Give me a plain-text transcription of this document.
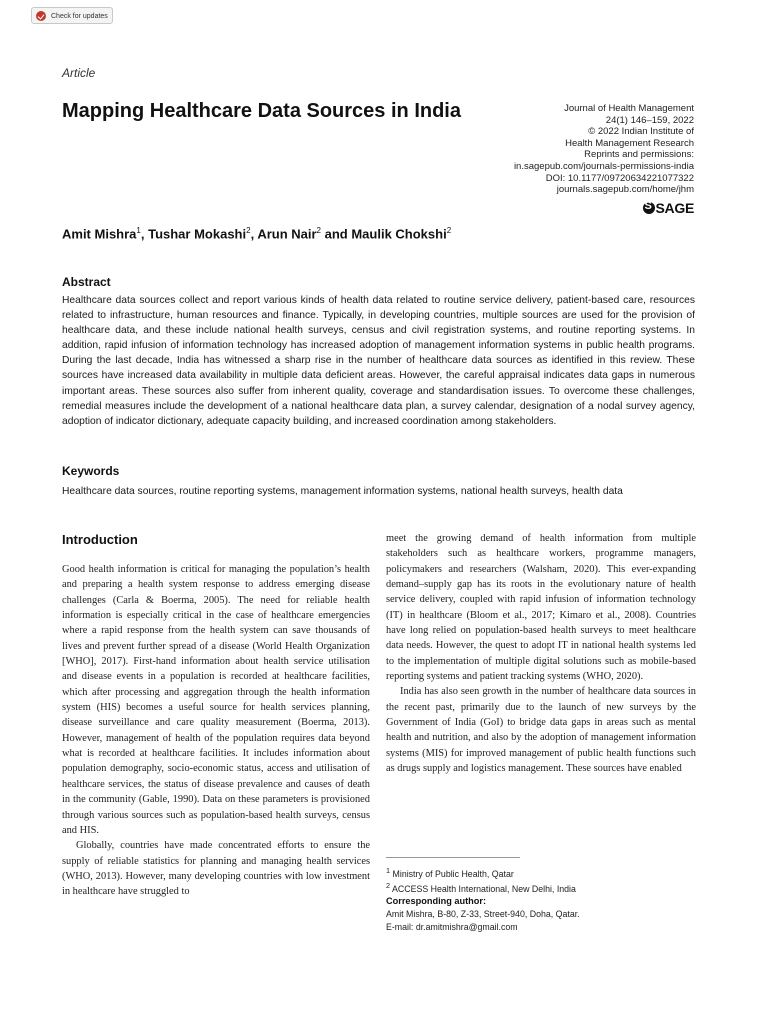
Check for updates
Article
Mapping Healthcare Data Sources in India	Journal of Health Management
24(1) 146–159, 2022
© 2022 Indian Institute of
Health Management Research
Reprints and permissions:
in.sagepub.com/journals-permissions-india
DOI: 10.1177/09720634221077322
journals.sagepub.com/home/jhm
S
SAGE
Amit Mishra$^1$, Tushar Mokashi$^2$, Arun Nair$^2$ and Maulik Chokshi$^2$
Abstract

Healthcare data sources collect and report various kinds of health data related to routine service delivery, patient-based care, resources related to infrastructure, human resources and finance. Typically, in developing countries, multiple sources are used for the provision of healthcare data, and these include national health surveys, census and civil registration systems, and routine reporting systems. In addition, rapid infusion of information technology has increased adoption of management information systems in public health programs. During the last decade, India has witnessed a sharp rise in the number of healthcare data sources as identified in this review. These sources have increased data availability in multiple data deficient areas. However, the careful appraisal indicates data gaps in numerous important areas. These sources also suffer from inherent quality, coverage and standardisation issues. To overcome these challenges, remedial measures include the development of a national healthcare data plan, a survey calendar, designation of a nodal survey agency, adoption of indicator dictionary, adequate capacity building, and increased coordination among stakeholders.

Keywords
Healthcare data sources, routine reporting systems, management information systems, national health surveys, health data
Introduction

Good health information is critical for managing the population’s health and preparing a health system response to address emerging disease challenges (Carla & Boerma, 2005). The need for reliable health information is especially critical in the case of healthcare emergencies where a rapid response from the health system can save thousands of lives and prevent further spread of a disease (World Health Organization [WHO], 2017). First-hand information about health service utilisation and disease events in a population is recorded at healthcare facilities, which after processing and aggregation through the health information system (HIS) becomes a useful source for health services planning, disease surveillance and care quality measurement (Boerma, 2013). However, management of health of the population requires data beyond what is recorded at healthcare facilities. It includes information about population demography, socio-economic status, access and utilisation of healthcare services, the status of disease prevalence and causes of death in the community (Gable, 1990). Data on these parameters is provisioned through various sources such as population-based health surveys, census and HIS.

Globally, countries have made concentrated efforts to ensure the supply of reliable statistics for planning and managing health services (WHO, 2013). However, many developing countries with low investment in healthcare have struggled to

meet the growing demand of health information from multiple stakeholders such as healthcare workers, programme managers, policymakers and researchers (Walsham, 2020). This ever-expanding demand–supply gap has its roots in the evolutionary nature of health service delivery, coupled with rapid infusion of information technology (IT) in healthcare (Bloom et al., 2017; Kimaro et al., 2008). Countries have long relied on population-based health surveys to meet healthcare data needs. However, the quest to adopt IT in national health systems led to the implementation of multiple digital solutions such as mobile-based reporting systems and patient tracking systems (WHO, 2020).

India has also seen growth in the number of healthcare data sources in the recent past, primarily due to the launch of new surveys by the Government of India (GoI) to bridge data gaps in areas such as mental health and nutrition, and also by the adoption of management information systems (MIS) for improved management of public health functions such as drugs supply and logistics management. These sources have enabled

$^1$ Ministry of Public Health, Qatar
$^2$ ACCESS Health International, New Delhi, India
Corresponding author:
Amit Mishra, B-80, Z-33, Street-940, Doha, Qatar.
E-mail: dr.amitmishra@gmail.com
